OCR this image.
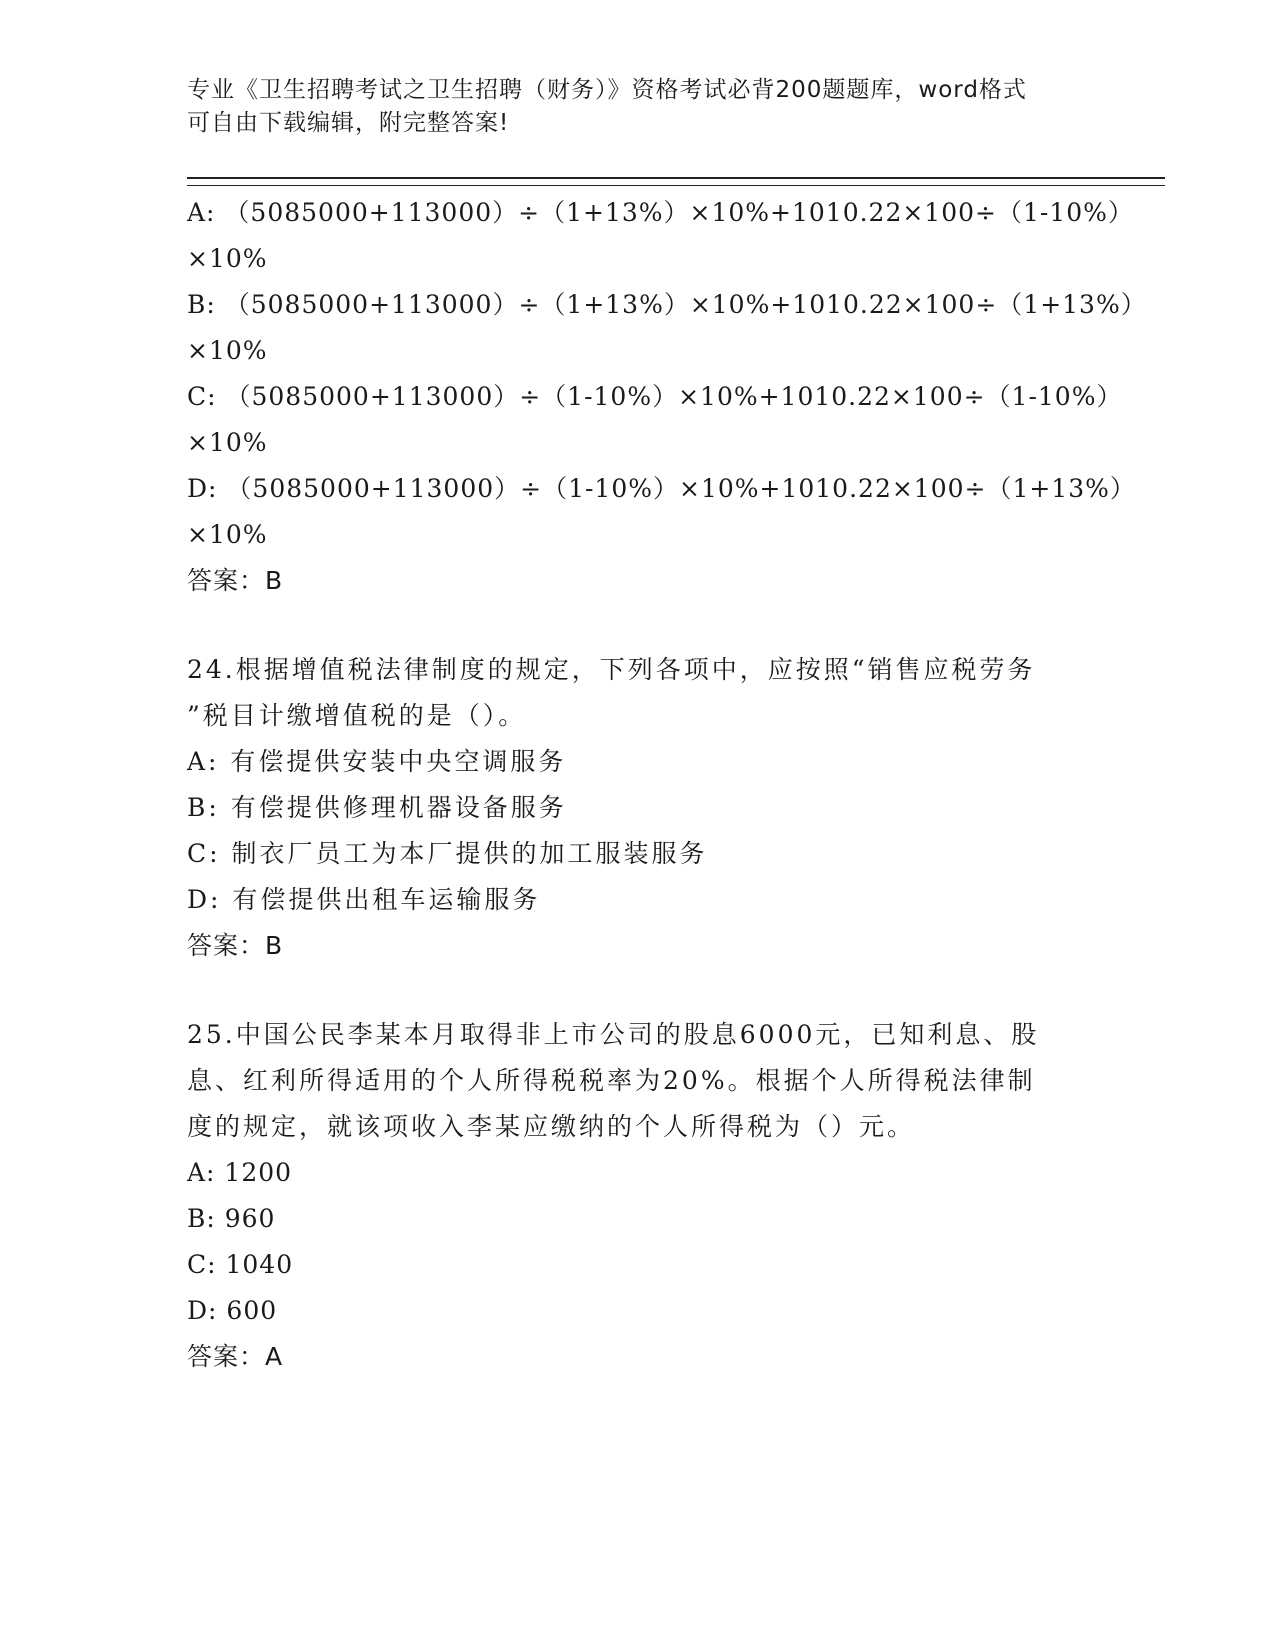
专业《卫生招聘考试之卫生招聘（财务）》资格考试必背200题题库，word格式
可自由下载编辑，附完整答案!
A: （5085000+113000）÷（1+13%）×10%+1010.22×100÷（1-10%）
×10%
B: （5085000+113000）÷（1+13%）×10%+1010.22×100÷（1+13%）
×10%
C: （5085000+113000）÷（1-10%）×10%+1010.22×100÷（1-10%）
×10%
D: （5085000+113000）÷（1-10%）×10%+1010.22×100÷（1+13%）
×10%
答案：B
24.根据增值税法律制度的规定，下列各项中，应按照“销售应税劳务
”税目计缴增值税的是（）。
A: 有偿提供安装中央空调服务
B: 有偿提供修理机器设备服务
C: 制衣厂员工为本厂提供的加工服装服务
D: 有偿提供出租车运输服务
答案：B
25.中国公民李某本月取得非上市公司的股息6000元，已知利息、股
息、红利所得适用的个人所得税税率为20%。根据个人所得税法律制
度的规定，就该项收入李某应缴纳的个人所得税为（）元。
A: 1200
B: 960
C: 1040
D: 600
答案：A
